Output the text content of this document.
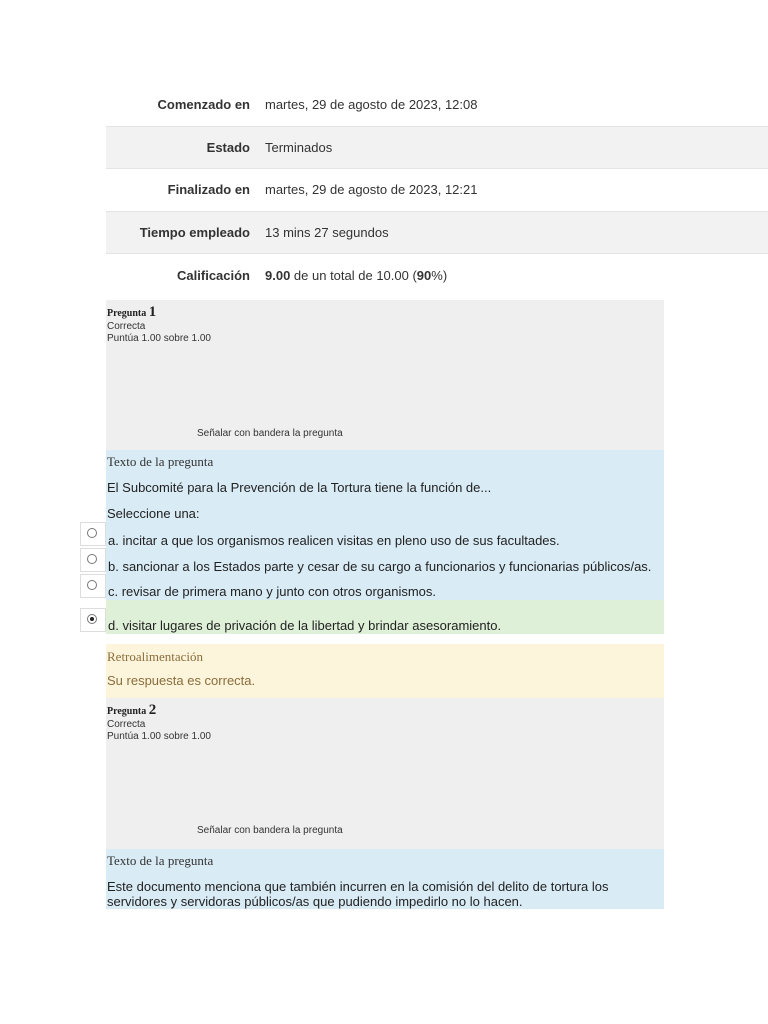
Comenzado en	martes, 29 de agosto de 2023, 12:08
Estado	Terminados
Finalizado en	martes, 29 de agosto de 2023, 12:21
Tiempo empleado	13 mins 27 segundos
Calificación	9.00 de un total de 10.00 (90%)
Pregunta 1
Correcta
Puntúa 1.00 sobre 1.00
Señalar con bandera la pregunta
Texto de la pregunta
El Subcomité para la Prevención de la Tortura tiene la función de...
Seleccione una:
a. incitar a que los organismos realicen visitas en pleno uso de sus facultades.
b. sancionar a los Estados parte y cesar de su cargo a funcionarios y funcionarias públicos/as.
c. revisar de primera mano y junto con otros organismos.
d. visitar lugares de privación de la libertad y brindar asesoramiento.
Retroalimentación
Su respuesta es correcta.
Pregunta 2
Correcta
Puntúa 1.00 sobre 1.00
Señalar con bandera la pregunta
Texto de la pregunta
Este documento menciona que también incurren en la comisión del delito de tortura los
servidores y servidoras públicos/as que pudiendo impedirlo no lo hacen.
